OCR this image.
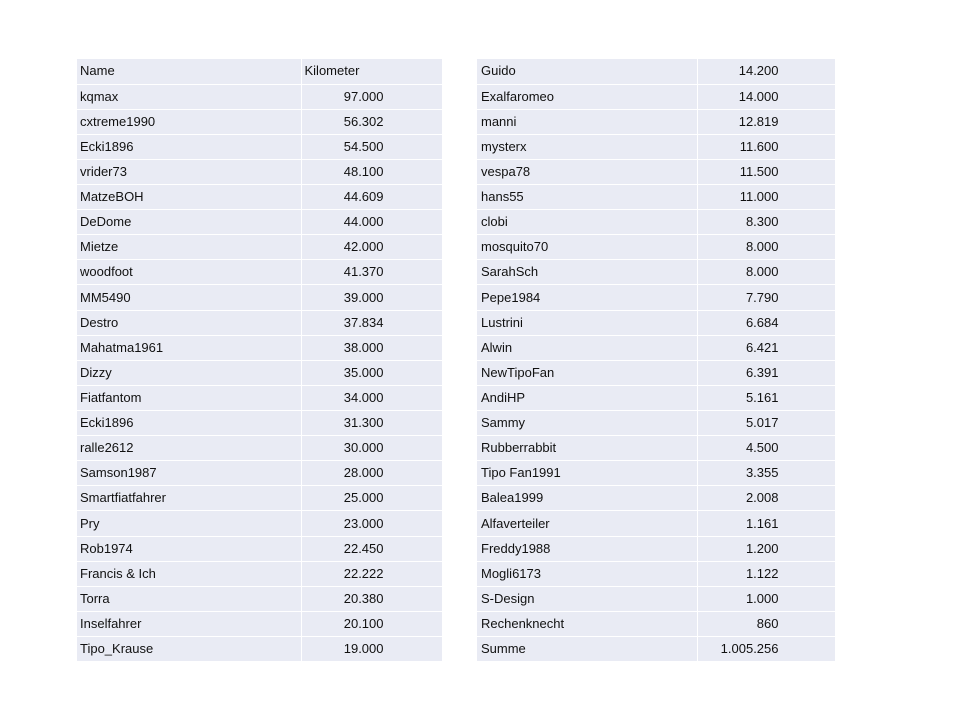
Name	Kilometer
kqmax	97.000
cxtreme1990	56.302
Ecki1896	54.500
vrider73	48.100
MatzeBOH	44.609
DeDome	44.000
Mietze	42.000
woodfoot	41.370
MM5490	39.000
Destro	37.834
Mahatma1961	38.000
Dizzy	35.000
Fiatfantom	34.000
Ecki1896	31.300
ralle2612	30.000
Samson1987	28.000
Smartfiatfahrer	25.000
Pry	23.000
Rob1974	22.450
Francis & Ich	22.222
Torra	20.380
Inselfahrer	20.100
Tipo_Krause	19.000
Guido	14.200
Exalfaromeo	14.000
manni	12.819
mysterx	11.600
vespa78	11.500
hans55	11.000
clobi	8.300
mosquito70	8.000
SarahSch	8.000
Pepe1984	7.790
Lustrini	6.684
Alwin	6.421
NewTipoFan	6.391
AndiHP	5.161
Sammy	5.017
Rubberrabbit	4.500
Tipo Fan1991	3.355
Balea1999	2.008
Alfaverteiler	1.161
Freddy1988	1.200
Mogli6173	1.122
S-Design	1.000
Rechenknecht	860
Summe	1.005.256
